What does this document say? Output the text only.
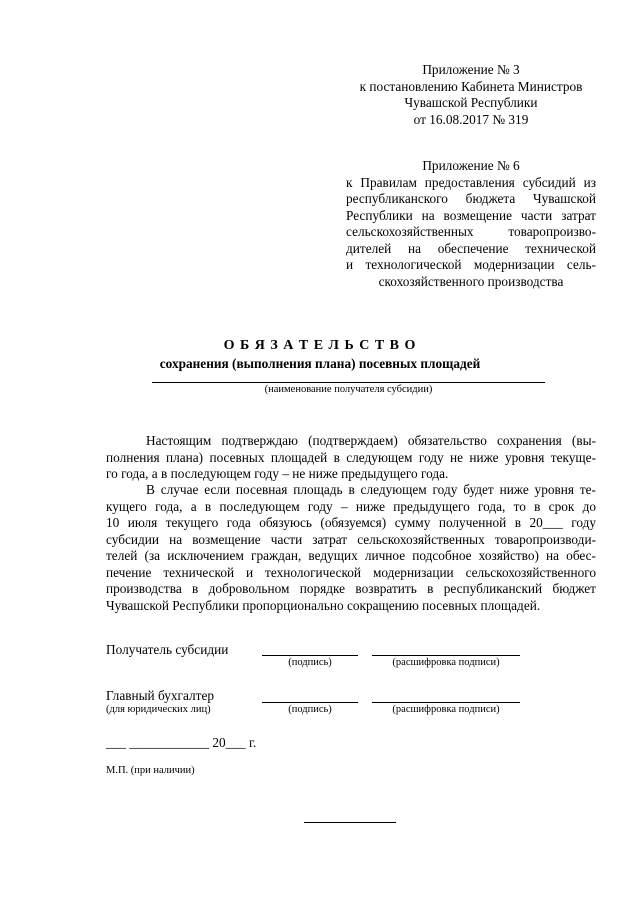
Приложение № 3
к постановлению Кабинета Министров
Чувашской Республики
от 16.08.2017 № 319
Приложение № 6
к Правилам предоставления субсидий из
республиканского бюджета Чувашской
Республики на возмещение части затрат
сельскохозяйственных товаропроизво-
дителей на обеспечение технической
и технологической модернизации сель-
скохозяйственного производства
О Б Я З А Т Е Л Ь С Т В О
сохранения (выполнения плана) посевных площадей
(наименование получателя субсидии)
Настоящим подтверждаю (подтверждаем) обязательство сохранения (вы-
полнения плана) посевных площадей в следующем году не ниже уровня текуще-
го года, а в последующем году – не ниже предыдущего года.
В случае если посевная площадь в следующем году будет ниже уровня те-
кущего года, а в последующем году – ниже предыдущего года, то в срок до
10 июля текущего года обязуюсь (обязуемся) сумму полученной в 20___ году
субсидии на возмещение части затрат сельскохозяйственных товаропроизводи-
телей (за исключением граждан, ведущих личное подсобное хозяйство) на обес-
печение технической и технологической модернизации сельскохозяйственного
производства в добровольном порядке возвратить в республиканский бюджет
Чувашской Республики пропорционально сокращению посевных площадей.
Получатель субсидии
(подпись)	(расшифровка подписи)
Главный бухгалтер
(для юридических лиц)	(подпись)	(расшифровка подписи)
___ ____________ 20___ г.
М.П. (при наличии)
